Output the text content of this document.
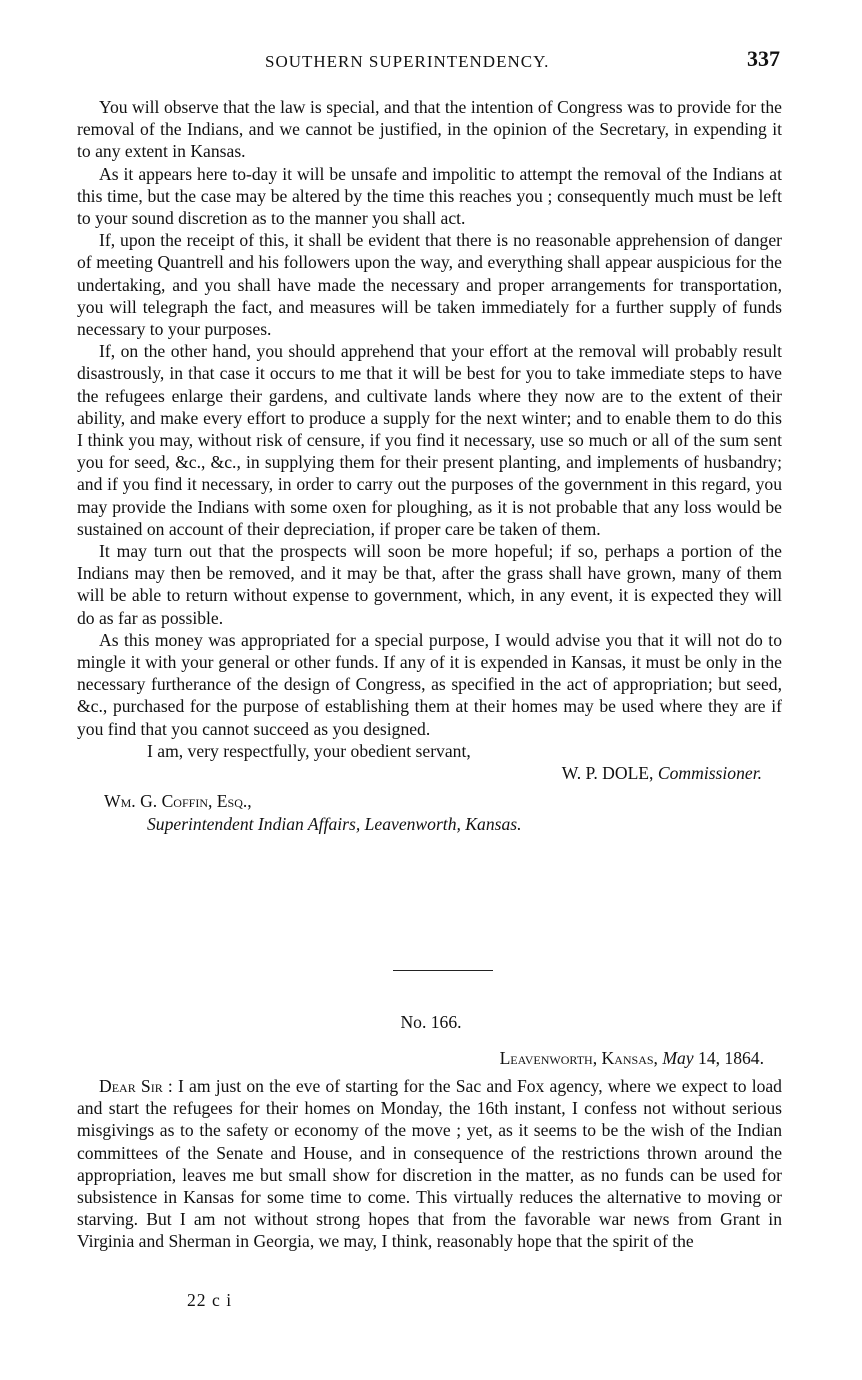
SOUTHERN SUPERINTENDENCY.	337

You will observe that the law is special, and that the intention of Congress was to provide for the removal of the Indians, and we cannot be justified, in the opinion of the Secretary, in expending it to any extent in Kansas.

As it appears here to-day it will be unsafe and impolitic to attempt the removal of the Indians at this time, but the case may be altered by the time this reaches you ; consequently much must be left to your sound discretion as to the manner you shall act.

If, upon the receipt of this, it shall be evident that there is no reasonable apprehension of danger of meeting Quantrell and his followers upon the way, and everything shall appear auspicious for the undertaking, and you shall have made the necessary and proper arrangements for transportation, you will telegraph the fact, and measures will be taken immediately for a further supply of funds necessary to your purposes.

If, on the other hand, you should apprehend that your effort at the removal will probably result disastrously, in that case it occurs to me that it will be best for you to take immediate steps to have the refugees enlarge their gardens, and cultivate lands where they now are to the extent of their ability, and make every effort to produce a supply for the next winter; and to enable them to do this I think you may, without risk of censure, if you find it necessary, use so much or all of the sum sent you for seed, &c., &c., in supplying them for their present planting, and implements of husbandry; and if you find it necessary, in order to carry out the purposes of the government in this regard, you may provide the Indians with some oxen for ploughing, as it is not probable that any loss would be sustained on account of their depreciation, if proper care be taken of them.

It may turn out that the prospects will soon be more hopeful; if so, perhaps a portion of the Indians may then be removed, and it may be that, after the grass shall have grown, many of them will be able to return without expense to government, which, in any event, it is expected they will do as far as possible.

As this money was appropriated for a special purpose, I would advise you that it will not do to mingle it with your general or other funds. If any of it is expended in Kansas, it must be only in the necessary furtherance of the design of Congress, as specified in the act of appropriation; but seed, &c., purchased for the purpose of establishing them at their homes may be used where they are if you find that you cannot succeed as you designed.

I am, very respectfully, your obedient servant,

W. P. DOLE, Commissioner.

Wm. G. Coffin, Esq.,

Superintendent Indian Affairs, Leavenworth, Kansas.

No. 166.
Leavenworth, Kansas, May 14, 1864.

Dear Sir : I am just on the eve of starting for the Sac and Fox agency, where we expect to load and start the refugees for their homes on Monday, the 16th instant, I confess not without serious misgivings as to the safety or economy of the move ; yet, as it seems to be the wish of the Indian committees of the Senate and House, and in consequence of the restrictions thrown around the appropriation, leaves me but small show for discretion in the matter, as no funds can be used for subsistence in Kansas for some time to come. This virtually reduces the alternative to moving or starving. But I am not without strong hopes that from the favorable war news from Grant in Virginia and Sherman in Georgia, we may, I think, reasonably hope that the spirit of the

22 c i
